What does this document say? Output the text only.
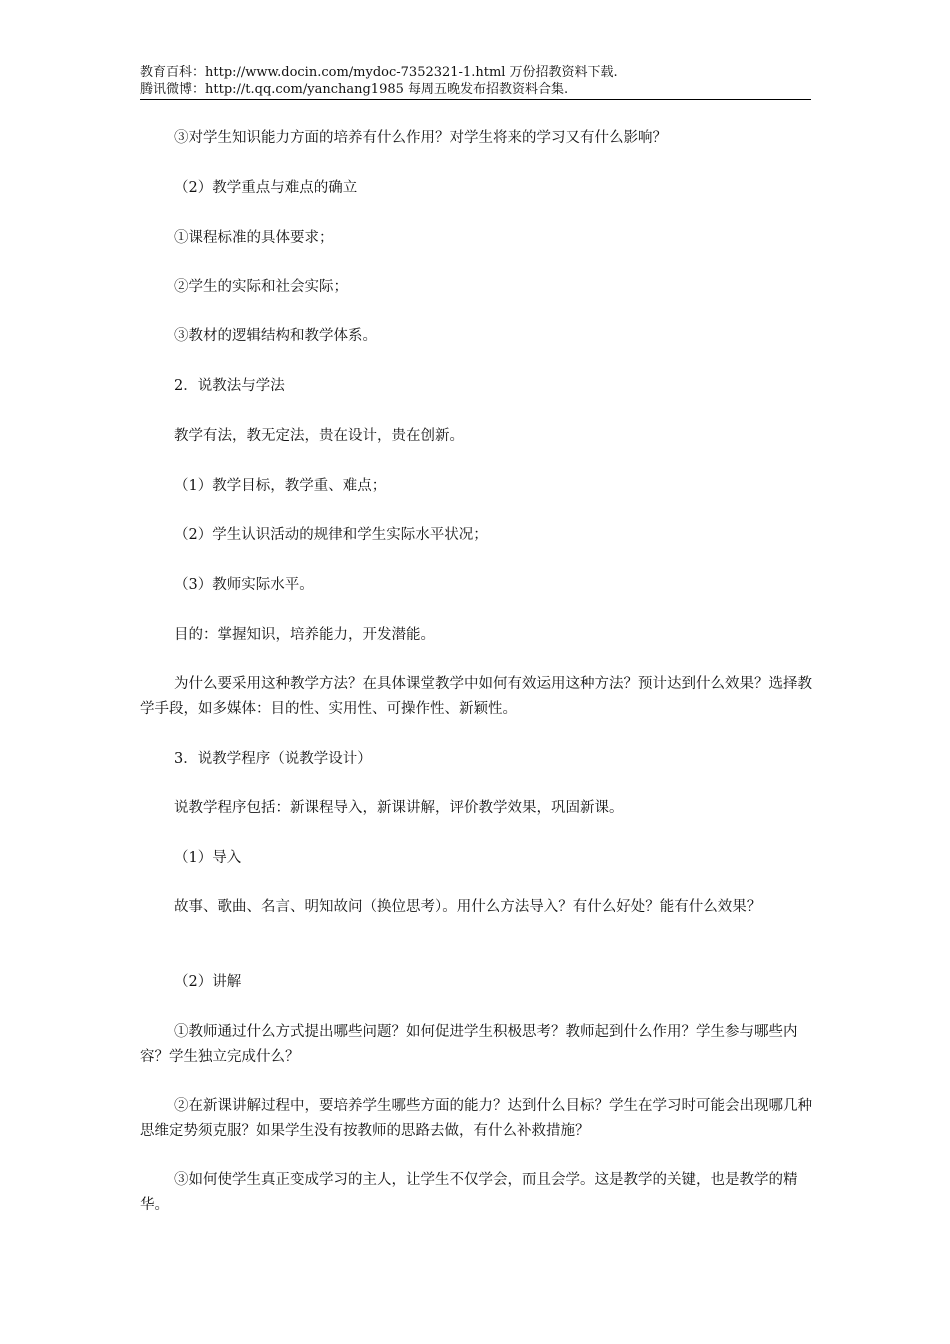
教育百科：http://www.docin.com/mydoc-7352321-1.html 万份招教资料下载.
腾讯微博：http://t.qq.com/yanchang1985 每周五晚发布招教资料合集.

③对学生知识能力方面的培养有什么作用？对学生将来的学习又有什么影响？

（2）教学重点与难点的确立

①课程标准的具体要求；

②学生的实际和社会实际；

③教材的逻辑结构和教学体系。

2．说教法与学法

教学有法，教无定法，贵在设计，贵在创新。

（1）教学目标，教学重、难点；

（2）学生认识活动的规律和学生实际水平状况；

（3）教师实际水平。

目的：掌握知识，培养能力，开发潜能。

为什么要采用这种教学方法？在具体课堂教学中如何有效运用这种方法？预计达到什么效果？选择教学手段，如多媒体：目的性、实用性、可操作性、新颖性。

3．说教学程序（说教学设计）

说教学程序包括：新课程导入，新课讲解，评价教学效果，巩固新课。

（1）导入

故事、歌曲、名言、明知故问（换位思考）。用什么方法导入？有什么好处？能有什么效果？

（2）讲解

①教师通过什么方式提出哪些问题？如何促进学生积极思考？教师起到什么作用？学生参与哪些内容？学生独立完成什么？

②在新课讲解过程中，要培养学生哪些方面的能力？达到什么目标？学生在学习时可能会出现哪几种思维定势须克服？如果学生没有按教师的思路去做，有什么补救措施？

③如何使学生真正变成学习的主人，让学生不仅学会，而且会学。这是教学的关键，也是教学的精华。
